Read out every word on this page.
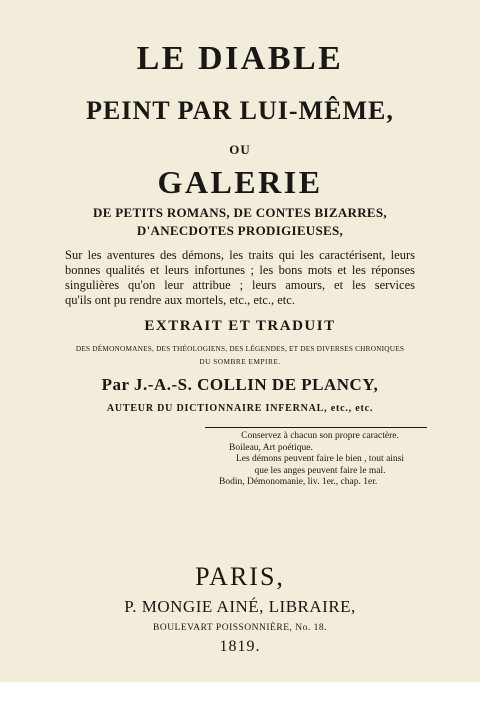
LE DIABLE
PEINT PAR LUI-MÊME,
OU
GALERIE
DE PETITS ROMANS, DE CONTES BIZARRES,
D'ANECDOTES PRODIGIEUSES,
Sur les aventures des démons, les traits qui les caractérisent, leurs
bonnes qualités et leurs infortunes ; les bons mots et les réponses
singulières qu'on leur attribue ; leurs amours, et les services
qu'ils ont pu rendre aux mortels, etc., etc., etc.
EXTRAIT ET TRADUIT
DES DÉMONOMANES, DES THÉOLOGIENS, DES LÉGENDES, ET DES DIVERSES CHRONIQUES
DU SOMBRE EMPIRE.
Par J.-A.-S. COLLIN DE PLANCY,
AUTEUR DU DICTIONNAIRE INFERNAL, etc., etc.
Conservez à chacun son propre caractère.
Boileau, Art poétique.
Les démons peuvent faire le bien , tout ainsi
que les anges peuvent faire le mal.
Bodin, Démonomanie, liv. 1er., chap. 1er.
PARIS,
P. MONGIE AINÉ, LIBRAIRE,
BOULEVART POISSONNIÈRE, No. 18.
1819.
